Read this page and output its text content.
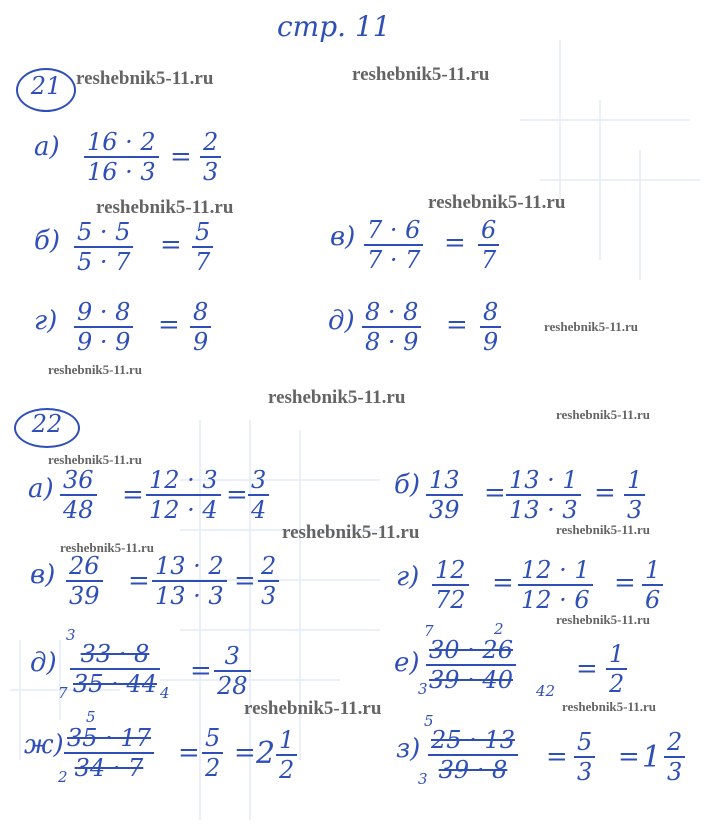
стр. 11
reshebnik5-11.ru	reshebnik5-11.ru
reshebnik5-11.ru	reshebnik5-11.ru
reshebnik5-11.ru
reshebnik5-11.ru
reshebnik5-11.ru
reshebnik5-11.ru
reshebnik5-11.ru
reshebnik5-11.ru	reshebnik5-11.ru
reshebnik5-11.ru
reshebnik5-11.ru
reshebnik5-11.ru	reshebnik5-11.ru
21
а) 16 · 2
16 · 3 = 2
3
б) 5 · 5
5 · 7
= 5
7
в) 7 · 6
7 · 7
= 6
7
г) 9 · 8
9 · 9
= 8
9
д) 8 · 8
8 · 9
= 8
9
22
а) 36
48 = 12 · 3
12 · 4 = 3
4
б) 13
39
= 13 · 1
13 · 3
= 1
3
в) 26
39 = 13 · 2
13 · 3 = 2
3
г) 12
72
= 12 · 1
12 · 6
= 1
6
д)
3
7
33 · 8
35 · 44 4
= 3
28
е)
7	2
3
30 · 26
39 · 40 42
= 1
2
ж)
5
2
35 · 17
34 · 7	= 5
2 = 2 1
2
з)
5
3
25 · 13
39 · 8	= 5
3 = 1 2
3
